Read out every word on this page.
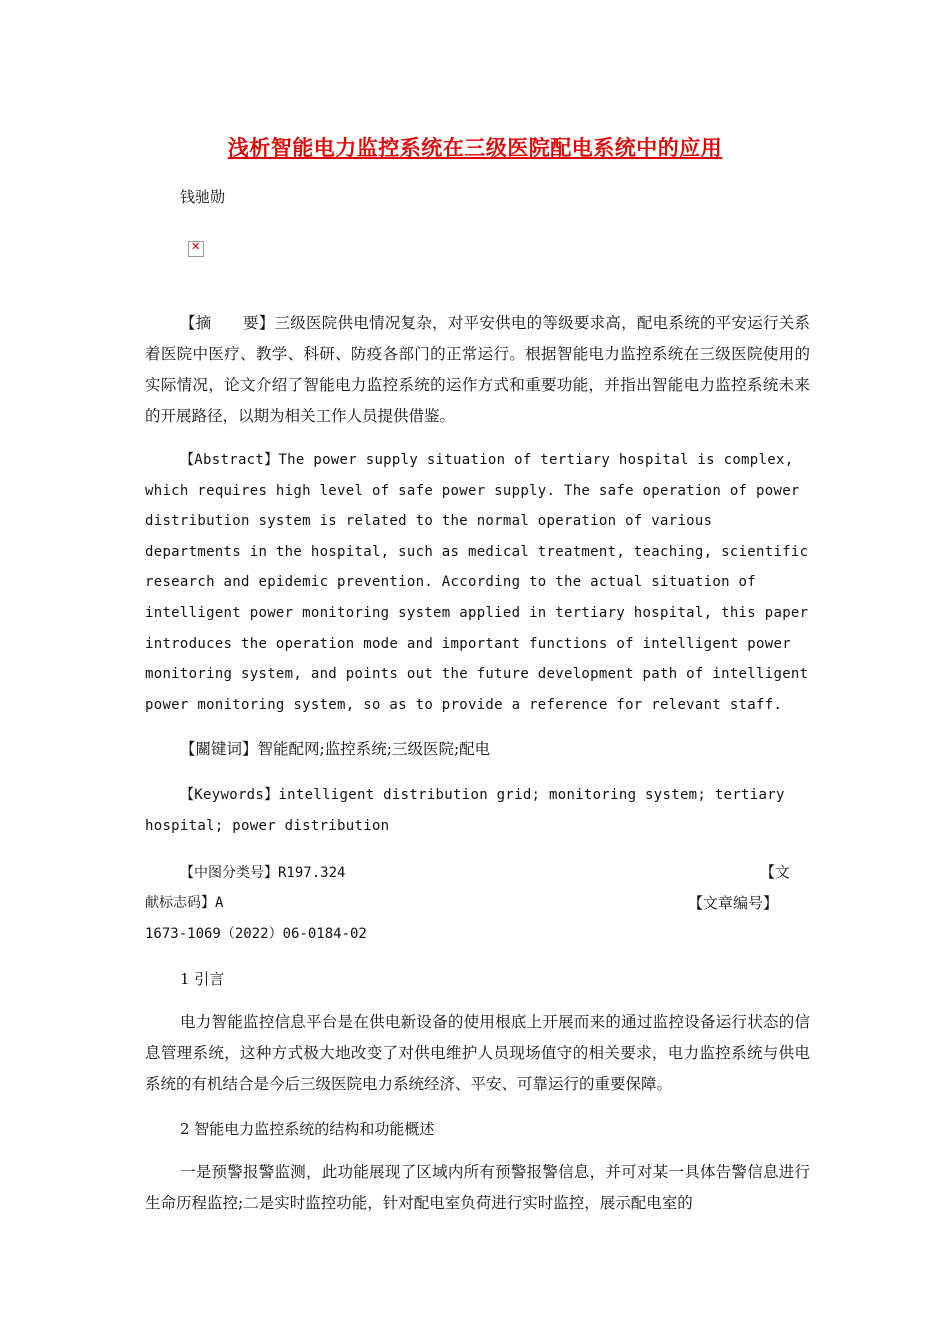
浅析智能电力监控系统在三级医院配电系统中的应用
钱驰勋
✕

【摘　　要】三级医院供电情况复杂，对平安供电的等级要求高，配电系统的平安运行关系着医院中医疗、教学、科研、防疫各部门的正常运行。根据智能电力监控系统在三级医院使用的实际情况，论文介绍了智能电力监控系统的运作方式和重要功能，并指出智能电力监控系统未来的开展路径，以期为相关工作人员提供借鉴。

【Abstract】The power supply situation of tertiary hospital is complex, which requires high level of safe power supply. The safe operation of power distribution system is related to the normal operation of various departments in the hospital, such as medical treatment, teaching, scientific research and epidemic prevention. According to the actual situation of intelligent power monitoring system applied in tertiary hospital, this paper introduces the operation mode and important functions of intelligent power monitoring system, and points out the future development path of intelligent power monitoring system, so as to provide a reference for relevant staff.

【關键词】智能配网;监控系统;三级医院;配电

【Keywords】intelligent distribution grid; monitoring system; tertiary hospital; power distribution

【中图分类号】R197.324	【文
献标志码】A	【文章编号】
1673-1069（2022）06-0184-02
1 引言

电力智能监控信息平台是在供电新设备的使用根底上开展而来的通过监控设备运行状态的信息管理系统，这种方式极大地改变了对供电维护人员现场值守的相关要求，电力监控系统与供电系统的有机结合是今后三级医院电力系统经济、平安、可靠运行的重要保障。

2 智能电力监控系统的结构和功能概述

一是预警报警监测，此功能展现了区域内所有预警报警信息，并可对某一具体告警信息进行生命历程监控;二是实时监控功能，针对配电室负荷进行实时监控，展示配电室的
